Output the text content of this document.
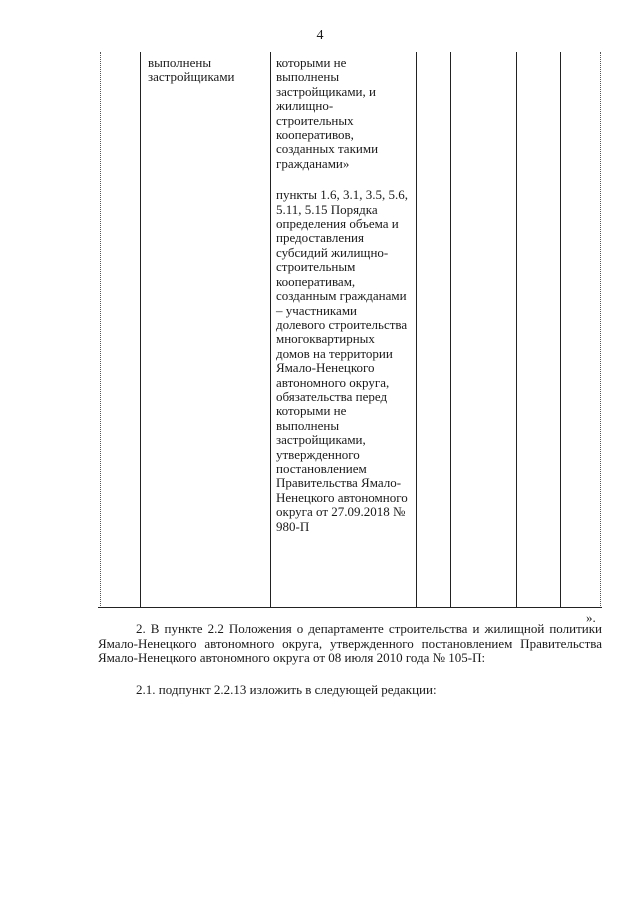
4
выполнены застройщиками

которыми не выполнены застройщиками, и жилищно-строительных кооперативов, созданных такими гражданами»

пункты 1.6, 3.1, 3.5, 5.6, 5.11, 5.15 Порядка определения объема и предоставления субсидий жилищно-строительным кооперативам, созданным гражданами – участниками долевого строительства многоквартирных домов на территории Ямало-Ненецкого автономного округа, обязательства перед которыми не выполнены застройщиками, утвержденного постановлением Правительства Ямало-Ненецкого автономного округа от 27.09.2018 № 980-П

».
2. В пункте 2.2 Положения о департаменте строительства и жилищной политики Ямало-Ненецкого автономного округа, утвержденного постановлением Правительства Ямало-Ненецкого автономного округа от 08 июля 2010 года № 105-П:
2.1. подпункт 2.2.13 изложить в следующей редакции:
